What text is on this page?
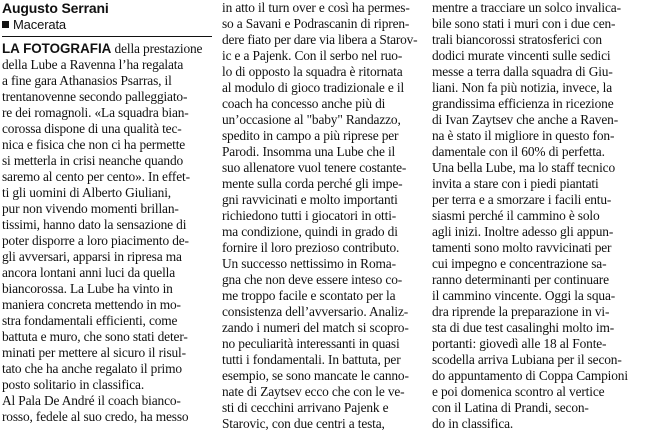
Augusto Serrani
Macerata
LA FOTOGRAFIA della prestazione
della Lube a Ravenna l’ha regalata
a fine gara Athanasios Psarras, il
trentanovenne secondo palleggiato-
re dei romagnoli. «La squadra bian-
corossa dispone di una qualità tec-
nica e fisica che non ci ha permette
si metterla in crisi neanche quando
saremo al cento per cento». In effet-
ti gli uomini di Alberto Giuliani,
pur non vivendo momenti brillan-
tissimi, hanno dato la sensazione di
poter disporre a loro piacimento de-
gli avversari, apparsi in ripresa ma
ancora lontani anni luci da quella
biancorossa. La Lube ha vinto in
maniera concreta mettendo in mo-
stra fondamentali efficienti, come
battuta e muro, che sono stati deter-
minati per mettere al sicuro il risul-
tato che ha anche regalato il primo
posto solitario in classifica.
Al Pala De André il coach bianco-
rosso, fedele al suo credo, ha messo
in atto il turn over e così ha permes-
so a Savani e Podrascanin di ripren-
dere fiato per dare via libera a Starov-
ic e a Pajenk. Con il serbo nel ruo-
lo di opposto la squadra è ritornata
al modulo di gioco tradizionale e il
coach ha concesso anche più di
un’occasione al "baby" Randazzo,
spedito in campo a più riprese per
Parodi. Insomma una Lube che il
suo allenatore vuol tenere costante-
mente sulla corda perché gli impe-
gni ravvicinati e molto importanti
richiedono tutti i giocatori in otti-
ma condizione, quindi in grado di
fornire il loro prezioso contributo.
Un successo nettissimo in Roma-
gna che non deve essere inteso co-
me troppo facile e scontato per la
consistenza dell’avversario. Analiz-
zando i numeri del match si scopro-
no peculiarità interessanti in quasi
tutti i fondamentali. In battuta, per
esempio, se sono mancate le canno-
nate di Zaytsev ecco che con le ve-
sti di cecchini arrivano Pajenk e
Starovic, con due centri a testa,
mentre a tracciare un solco invalica-
bile sono stati i muri con i due cen-
trali biancorossi stratosferici con
dodici murate vincenti sulle sedici
messe a terra dalla squadra di Giu-
liani. Non fa più notizia, invece, la
grandissima efficienza in ricezione
di Ivan Zaytsev che anche a Raven-
na è stato il migliore in questo fon-
damentale con il 60% di perfetta.
Una bella Lube, ma lo staff tecnico
invita a stare con i piedi piantati
per terra e a smorzare i facili entu-
siasmi perché il cammino è solo
agli inizi. Inoltre adesso gli appun-
tamenti sono molto ravvicinati per
cui impegno e concentrazione sa-
ranno determinanti per continuare
il cammino vincente. Oggi la squa-
dra riprende la preparazione in vi-
sta di due test casalinghi molto im-
portanti: giovedì alle 18 al Fonte-
scodella arriva Lubiana per il secon-
do appuntamento di Coppa Campioni
e poi domenica scontro al vertice
con il Latina di Prandi, secon-
do in classifica.
